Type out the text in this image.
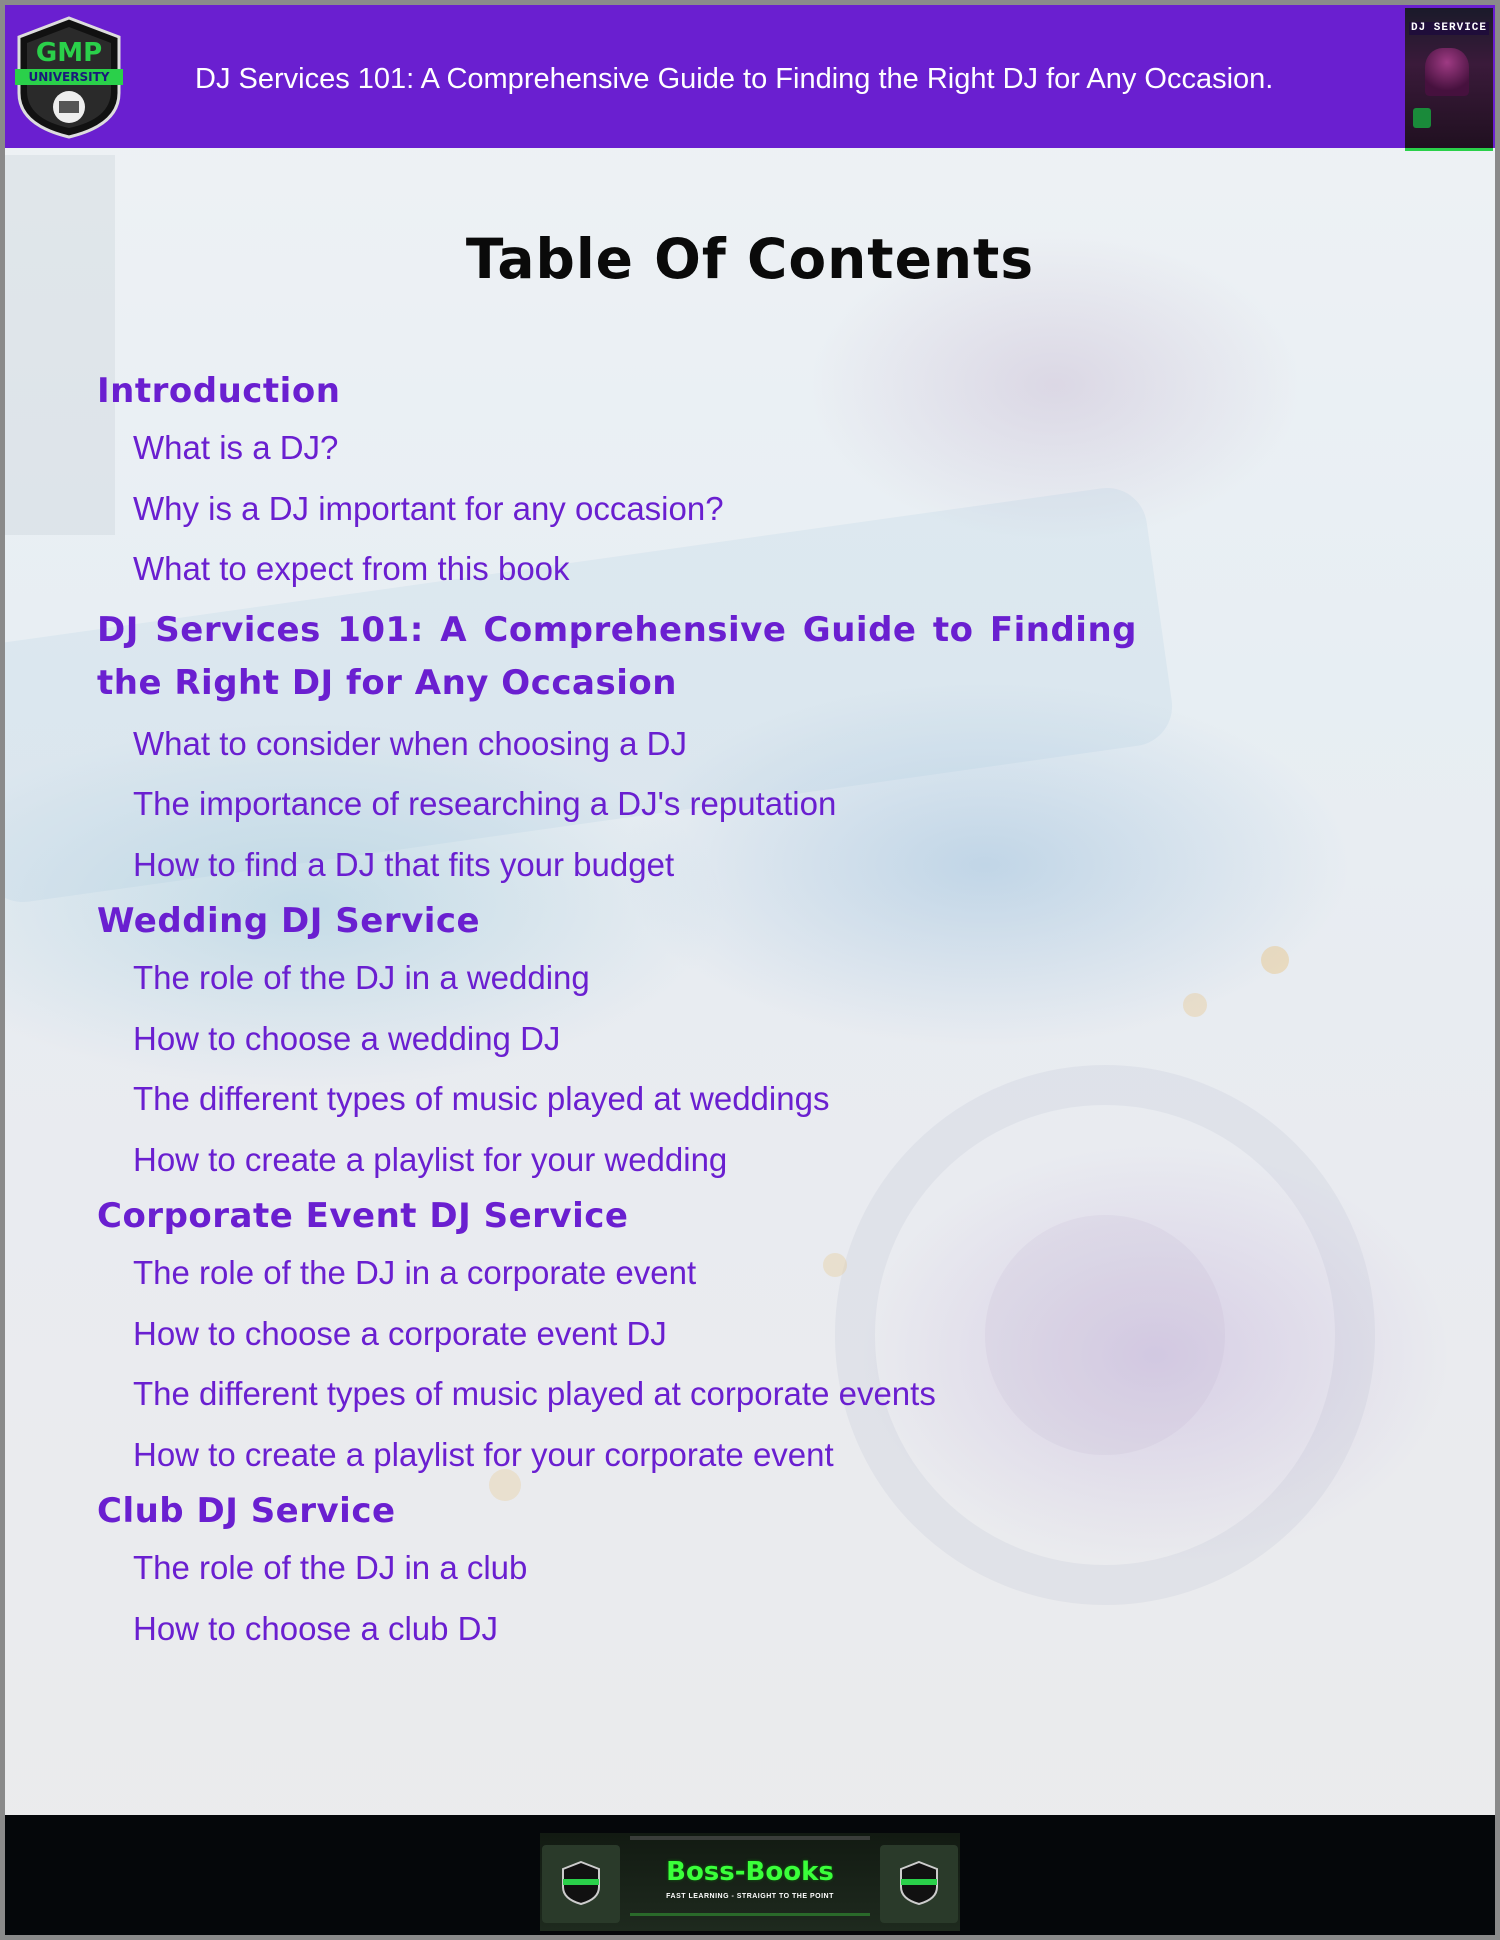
GMP
UNIVERSITY	DJ Services 101: A Comprehensive Guide to Finding the Right DJ for Any Occasion.
DJ SERVICE
Table Of Contents

Introduction

What is a DJ?

Why is a DJ important for any occasion?

What to expect from this book

DJ Services 101: A Comprehensive Guide to Finding the Right DJ for Any Occasion

What to consider when choosing a DJ

The importance of researching a DJ's reputation

How to find a DJ that fits your budget

Wedding DJ Service

The role of the DJ in a wedding

How to choose a wedding DJ

The different types of music played at weddings

How to create a playlist for your wedding

Corporate Event DJ Service

The role of the DJ in a corporate event

How to choose a corporate event DJ

The different types of music played at corporate events

How to create a playlist for your corporate event

Club DJ Service

The role of the DJ in a club

How to choose a club DJ

Boss-Books
FAST LEARNING - STRAIGHT TO THE POINT
